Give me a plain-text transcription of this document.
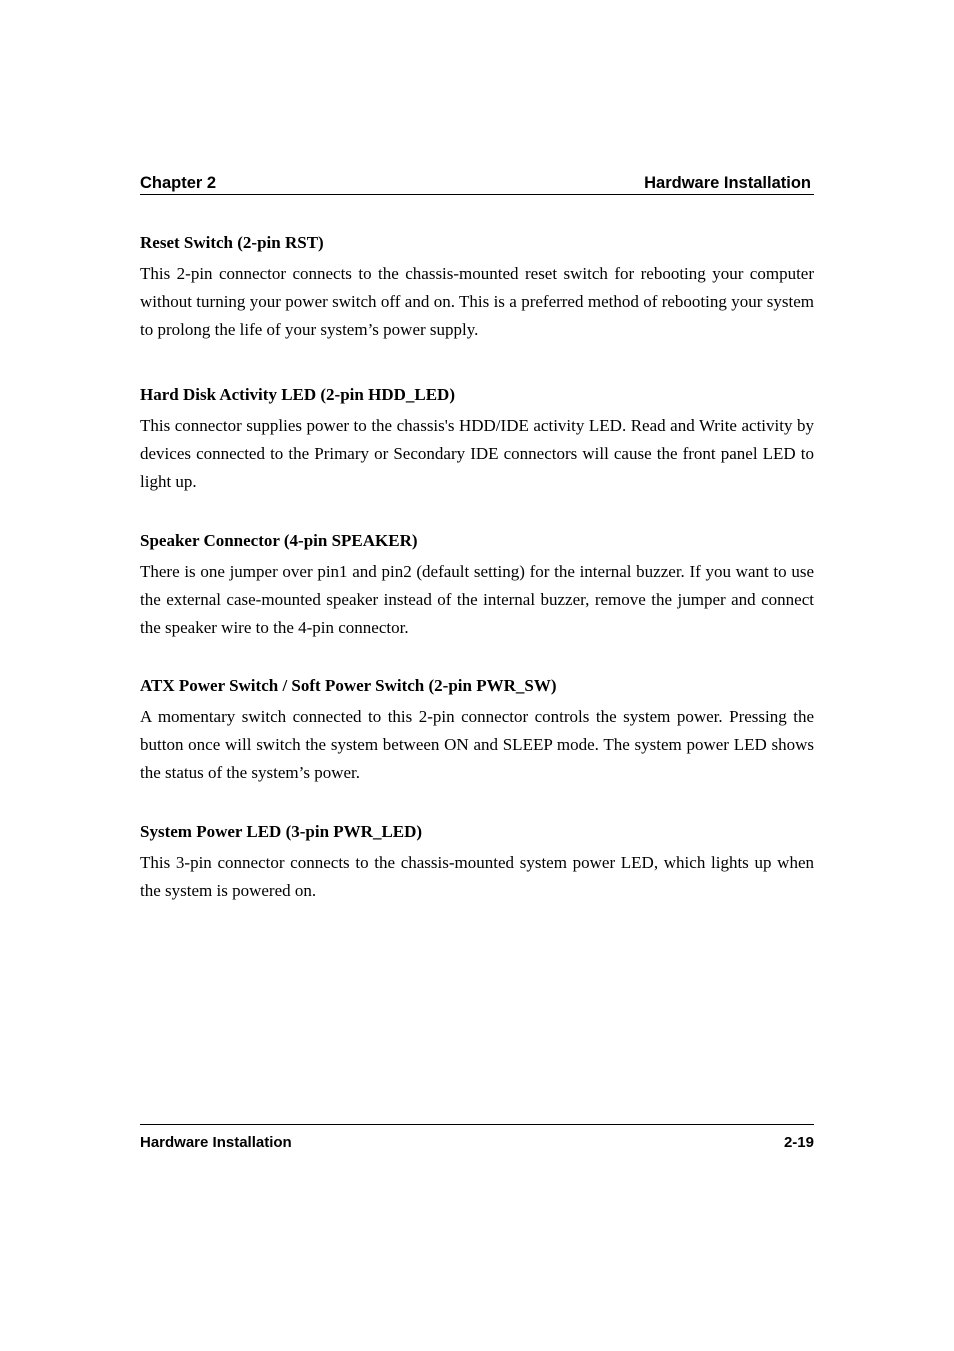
Chapter 2	Hardware Installation
Reset Switch (2-pin RST)

This 2-pin connector connects to the chassis-mounted reset switch for rebooting your computer without turning your power switch off and on. This is a preferred method of rebooting your system to prolong the life of your system’s power supply.

Hard Disk Activity LED (2-pin HDD_LED)

This connector supplies power to the chassis's HDD/IDE activity LED. Read and Write activity by devices connected to the Primary or Secondary IDE connectors will cause the front panel LED to light up.

Speaker Connector (4-pin SPEAKER)

There is one jumper over pin1 and pin2 (default setting) for the internal buzzer. If you want to use the external case-mounted speaker instead of the internal buzzer, remove the jumper and connect the speaker wire to the 4-pin connector.

ATX Power Switch / Soft Power Switch (2-pin PWR_SW)

A momentary switch connected to this 2-pin connector controls the system power. Pressing the button once will switch the system between ON and SLEEP mode. The system power LED shows the status of the system’s power.

System Power LED (3-pin PWR_LED)

This 3-pin connector connects to the chassis-mounted system power LED, which lights up when the system is powered on.

Hardware Installation	2-19
